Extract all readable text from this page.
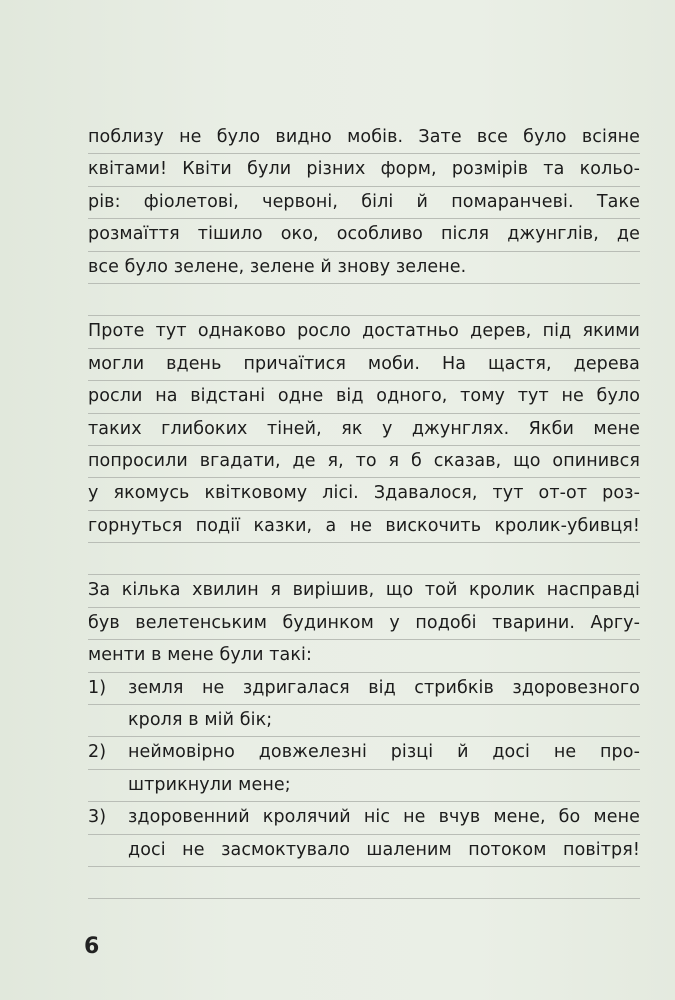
поблизу не було видно мобів. Зате все було всіяне
квітами! Квіти були різних форм, розмірів та кольо-
рів: фіолетові, червоні, білі й помаранчеві. Таке
розмаїття тішило око, особливо після джунглів, де
все було зелене, зелене й знову зелене.
Проте тут однаково росло достатньо дерев, під якими
могли вдень причаїтися моби. На щастя, дерева
росли на відстані одне від одного, тому тут не було
таких глибоких тіней, як у джунглях. Якби мене
попросили вгадати, де я, то я б сказав, що опинився
у якомусь квітковому лісі. Здавалося, тут от-от роз-
горнуться події казки, а не вискочить кролик-убивця!
За кілька хвилин я вирішив, що той кролик насправді
був велетенським будинком у подобі тварини. Аргу-
менти в мене були такі:
1) земля не здригалася від стрибків здоровезного
кроля в мій бік;
2) неймовірно довжелезні різці й досі не про-
штрикнули мене;
3) здоровенний кролячий ніс не вчув мене, бо мене
досі не засмоктувало шаленим потоком повітря!
6
